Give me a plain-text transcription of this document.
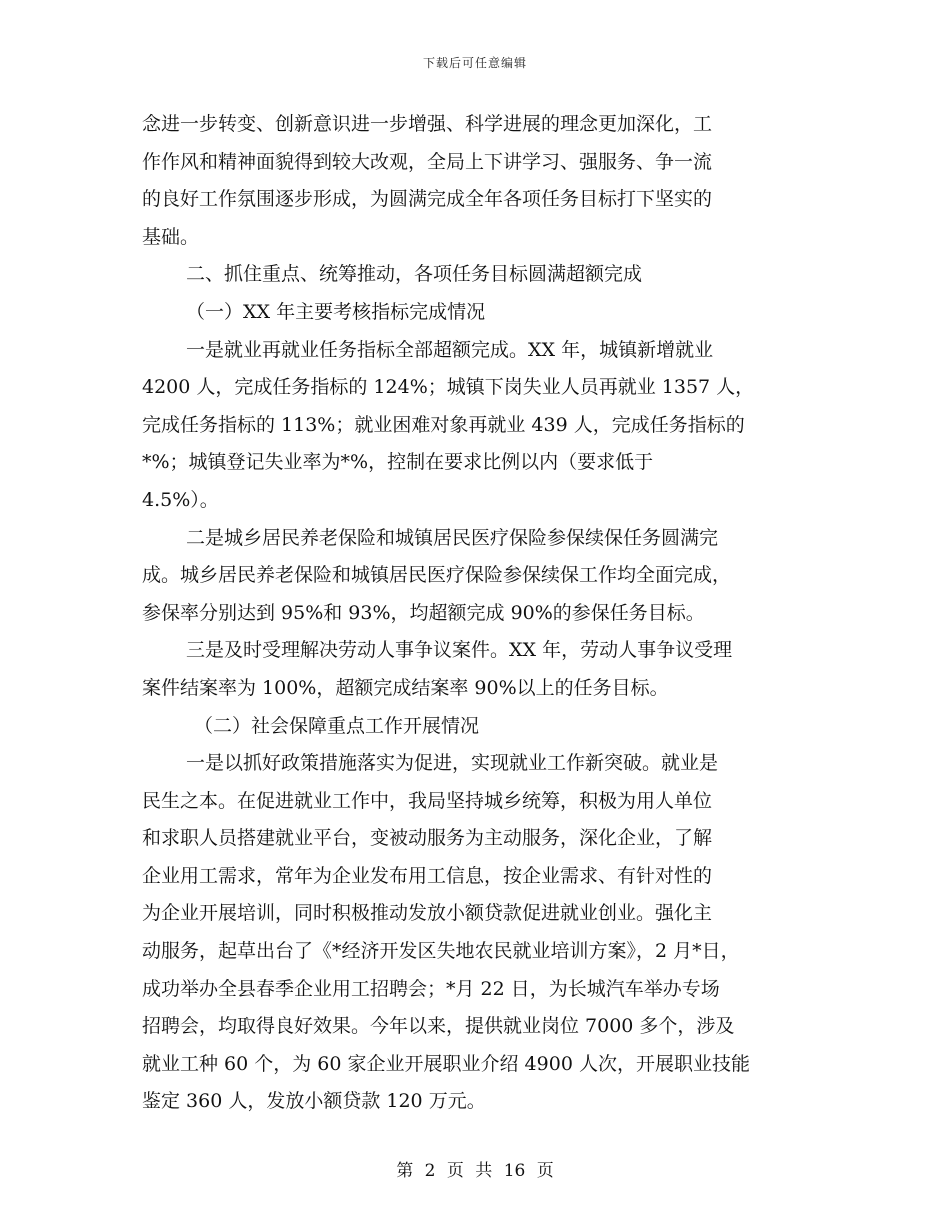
下载后可任意编辑
念进一步转变、创新意识进一步增强、科学进展的理念更加深化，工
作作风和精神面貌得到较大改观，全局上下讲学习、强服务、争一流
的良好工作氛围逐步形成，为圆满完成全年各项任务目标打下坚实的
基础。
二、抓住重点、统筹推动，各项任务目标圆满超额完成
（一）XX 年主要考核指标完成情况
一是就业再就业任务指标全部超额完成。XX 年，城镇新增就业
4200 人，完成任务指标的 124%；城镇下岗失业人员再就业 1357 人，
完成任务指标的 113%；就业困难对象再就业 439 人，完成任务指标的
*%；城镇登记失业率为*%，控制在要求比例以内（要求低于
4.5%）。
二是城乡居民养老保险和城镇居民医疗保险参保续保任务圆满完
成。城乡居民养老保险和城镇居民医疗保险参保续保工作均全面完成，
参保率分别达到 95%和 93%，均超额完成 90%的参保任务目标。
三是及时受理解决劳动人事争议案件。XX 年，劳动人事争议受理
案件结案率为 100%，超额完成结案率 90%以上的任务目标。
（二）社会保障重点工作开展情况
一是以抓好政策措施落实为促进，实现就业工作新突破。就业是
民生之本。在促进就业工作中，我局坚持城乡统筹，积极为用人单位
和求职人员搭建就业平台，变被动服务为主动服务，深化企业，了解
企业用工需求，常年为企业发布用工信息，按企业需求、有针对性的
为企业开展培训，同时积极推动发放小额贷款促进就业创业。强化主
动服务，起草出台了《*经济开发区失地农民就业培训方案》，2 月*日，
成功举办全县春季企业用工招聘会；*月 22 日，为长城汽车举办专场
招聘会，均取得良好效果。今年以来，提供就业岗位 7000 多个，涉及
就业工种 60 个，为 60 家企业开展职业介绍 4900 人次，开展职业技能
鉴定 360 人，发放小额贷款 120 万元。
第 2 页 共 16 页
